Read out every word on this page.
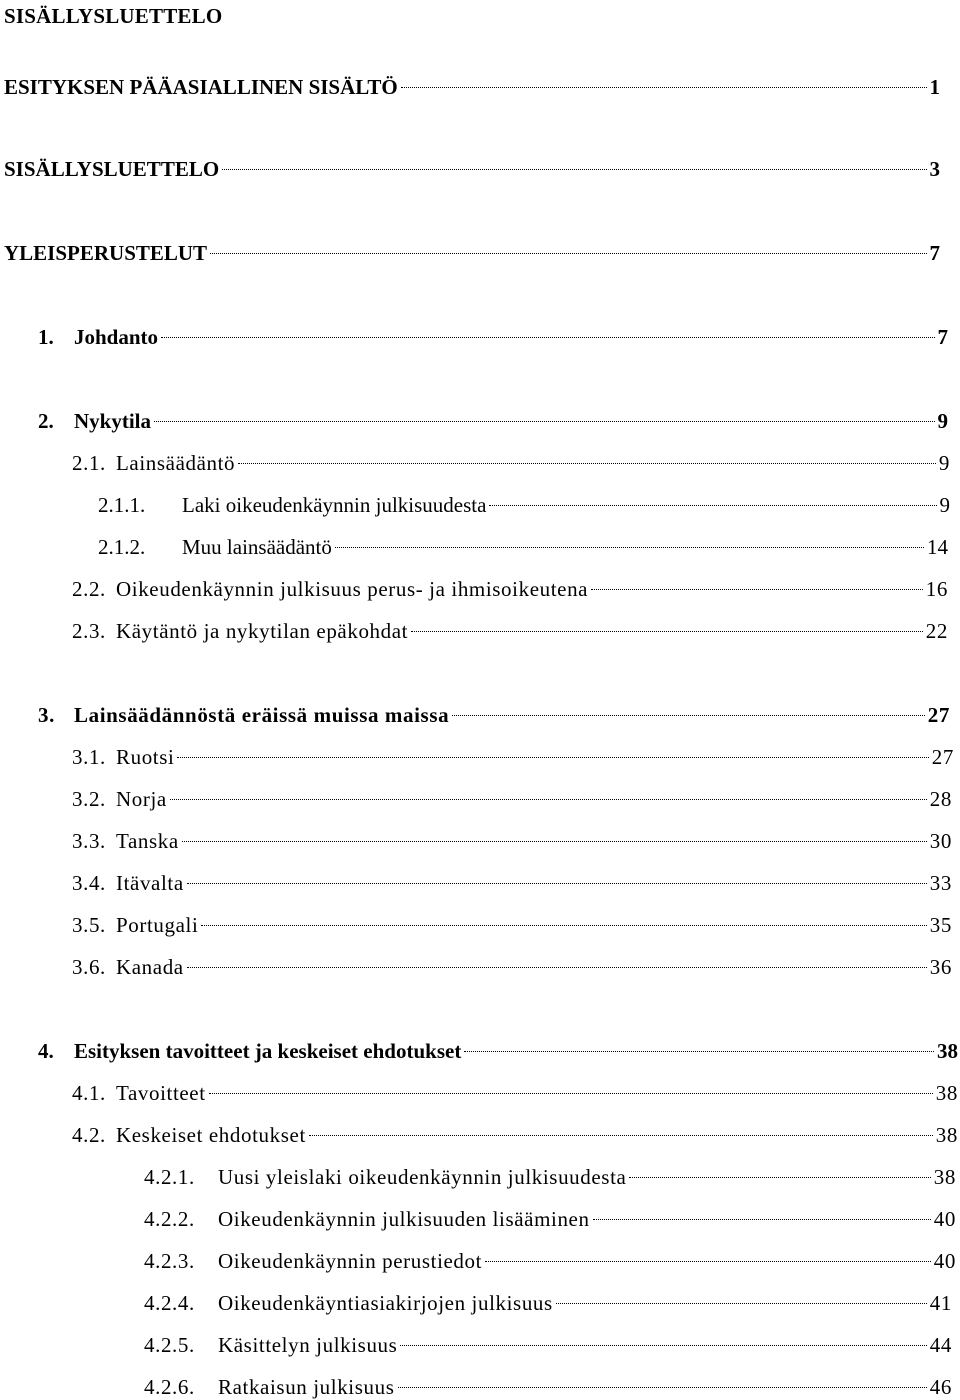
SISÄLLYSLUETTELO
ESITYKSEN PÄÄASIALLINEN SISÄLTÖ	1
SISÄLLYSLUETTELO	3
YLEISPERUSTELUT	7
1. Johdanto	7
2. Nykytila	9
2.1. Lainsäädäntö	9
2.1.1.	Laki oikeudenkäynnin julkisuudesta	9
2.1.2.	Muu lainsäädäntö	14
2.2. Oikeudenkäynnin julkisuus perus- ja ihmisoikeutena	16
2.3. Käytäntö ja nykytilan epäkohdat	22
3. Lainsäädännöstä eräissä muissa maissa	27
3.1. Ruotsi	27
3.2. Norja	28
3.3. Tanska	30
3.4. Itävalta	33
3.5. Portugali	35
3.6. Kanada	36
4. Esityksen tavoitteet ja keskeiset ehdotukset	38
4.1. Tavoitteet	38
4.2. Keskeiset ehdotukset	38
4.2.1.	Uusi yleislaki oikeudenkäynnin julkisuudesta	38
4.2.2.	Oikeudenkäynnin julkisuuden lisääminen	40
4.2.3.	Oikeudenkäynnin perustiedot	40
4.2.4.	Oikeudenkäyntiasiakirjojen julkisuus	41
4.2.5.	Käsittelyn julkisuus	44
4.2.6.	Ratkaisun julkisuus	46
